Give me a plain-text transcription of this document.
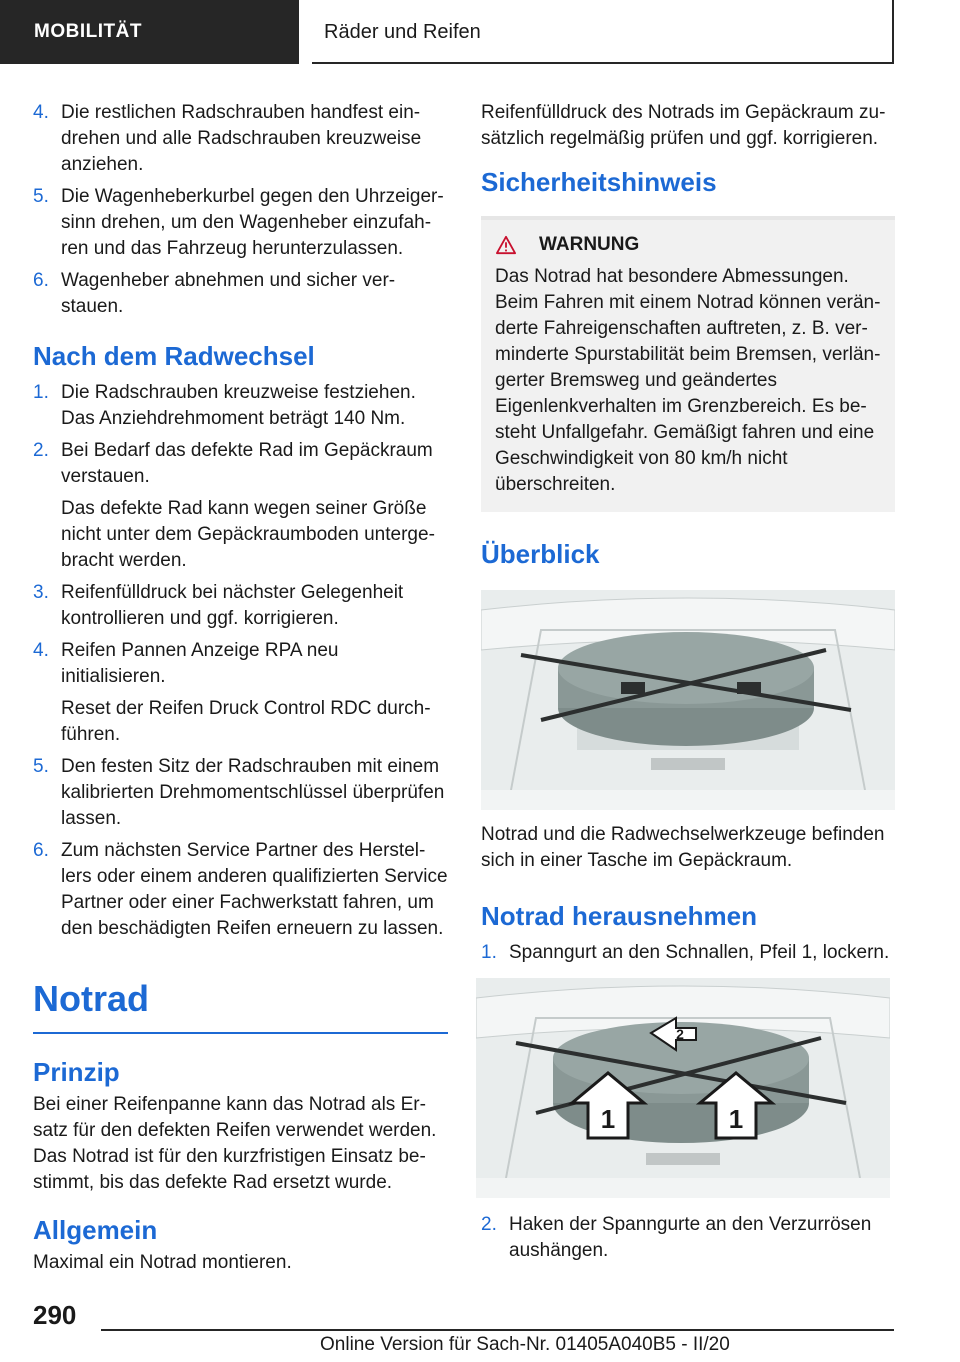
MOBILITÄT	Räder und Reifen
4. Die restlichen Radschrauben handfest eindrehen und alle Radschrauben kreuzweise anziehen.
5. Die Wagenheberkurbel gegen den Uhrzeigersinn drehen, um den Wagenheber einzufahren und das Fahrzeug herunterzulassen.
6. Wagenheber abnehmen und sicher verstauen.
Nach dem Radwechsel
1. Die Radschrauben kreuzweise festziehen.
Das Anziehdrehmoment beträgt 140 Nm.
2. Bei Bedarf das defekte Rad im Gepäckraum verstauen.
Das defekte Rad kann wegen seiner Größe nicht unter dem Gepäckraumboden untergebracht werden.
3. Reifenfülldruck bei nächster Gelegenheit kontrollieren und ggf. korrigieren.
4. Reifen Pannen Anzeige RPA neu initialisieren.
Reset der Reifen Druck Control RDC durchführen.
5. Den festen Sitz der Radschrauben mit einem kalibrierten Drehmomentschlüssel überprüfen lassen.
6. Zum nächsten Service Partner des Herstellers oder einem anderen qualifizierten Service Partner oder einer Fachwerkstatt fahren, um den beschädigten Reifen erneuern zu lassen.
Notrad
Prinzip
Bei einer Reifenpanne kann das Notrad als Ersatz für den defekten Reifen verwendet werden. Das Notrad ist für den kurzfristigen Einsatz bestimmt, bis das defekte Rad ersetzt wurde.
Allgemein
Maximal ein Notrad montieren.
Reifenfülldruck des Notrads im Gepäckraum zusätzlich regelmäßig prüfen und ggf. korrigieren.
Sicherheitshinweis
WARNUNG
Das Notrad hat besondere Abmessungen. Beim Fahren mit einem Notrad können veränderte Fahreigenschaften auftreten, z. B. verminderte Spurstabilität beim Bremsen, verlängerter Bremsweg und geändertes Eigenlenkverhalten im Grenzbereich. Es besteht Unfallgefahr. Gemäßigt fahren und eine Geschwindigkeit von 80 km/h nicht überschreiten.
Überblick
Notrad und die Radwechselwerkzeuge befinden sich in einer Tasche im Gepäckraum.
Notrad herausnehmen
1. Spanngurt an den Schnallen, Pfeil 1, lockern.
1	1
2
2. Haken der Spanngurte an den Verzurrösen aushängen.
290
Online Version für Sach-Nr. 01405A040B5 - II/20
